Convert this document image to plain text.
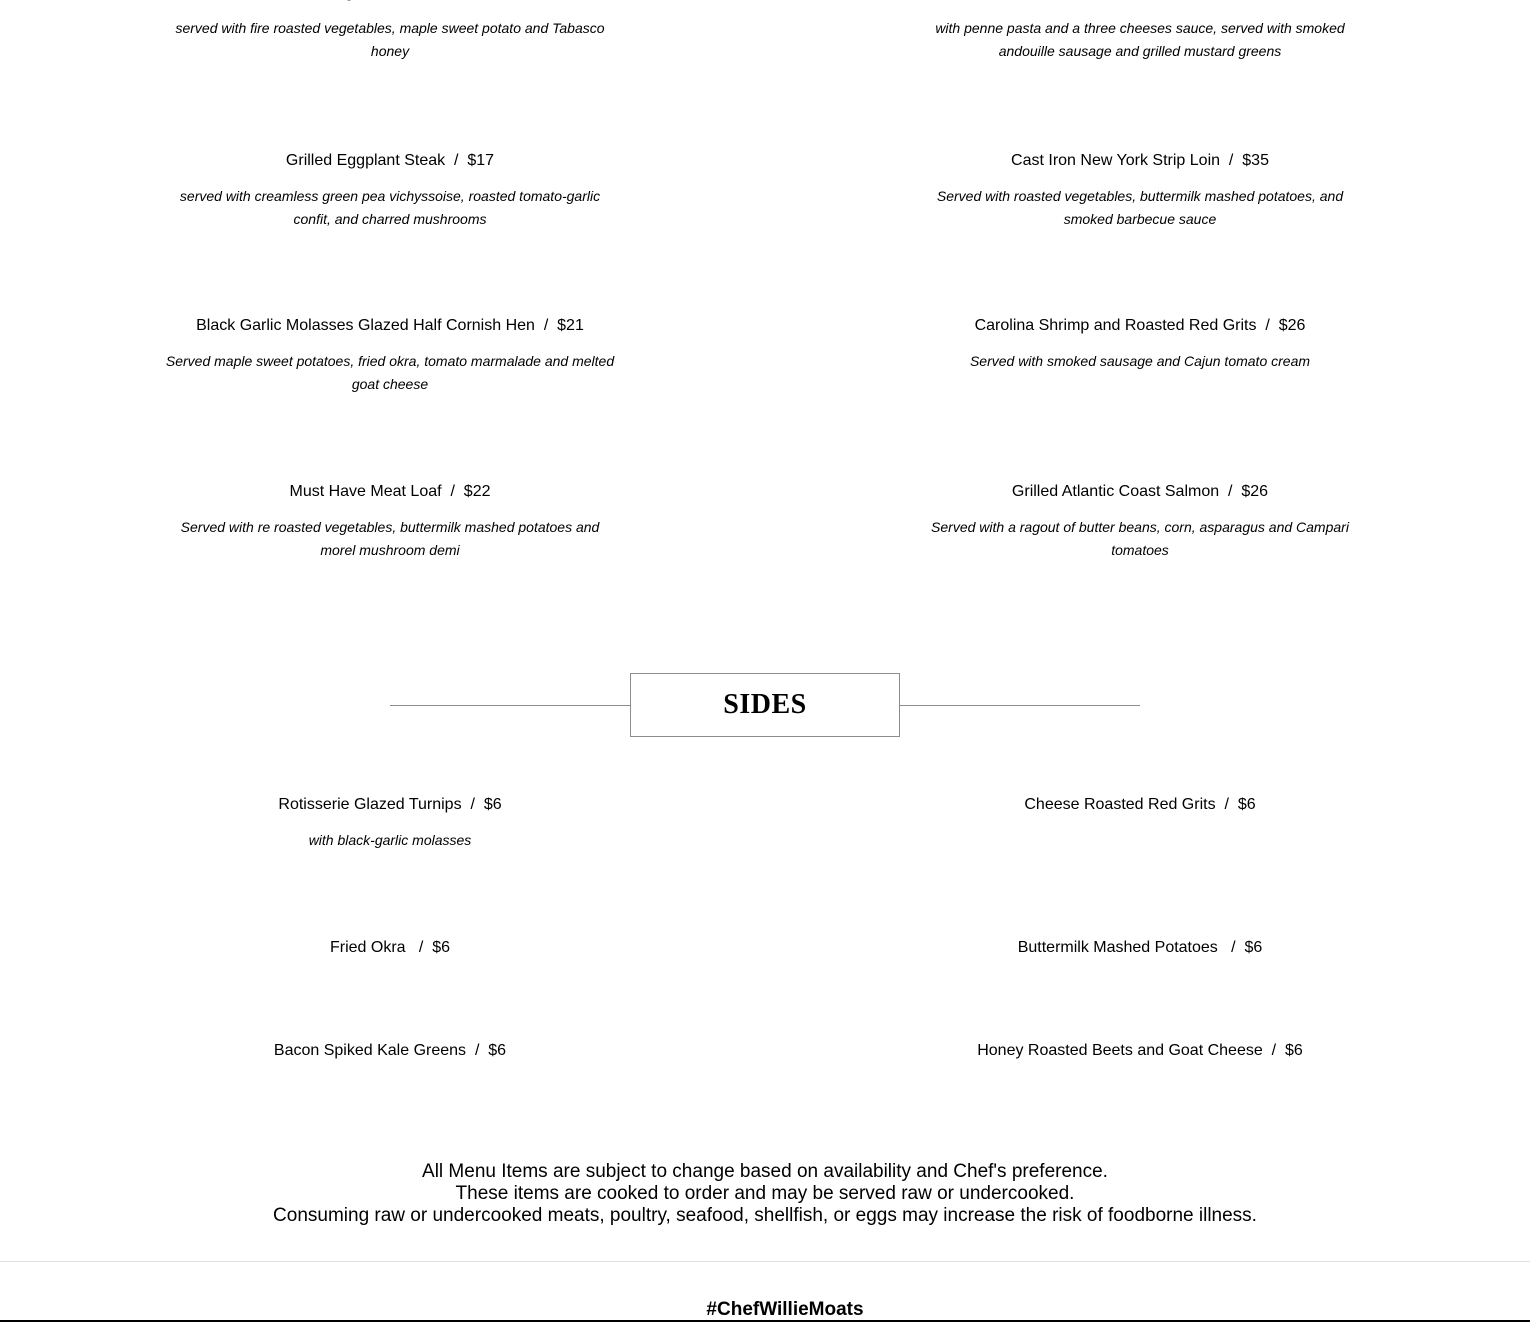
served with fire roasted vegetables, maple sweet potato and Tabasco honey
Grilled Eggplant Steak  /  $17
served with creamless green pea vichyssoise, roasted tomato-garlic confit, and charred mushrooms
Black Garlic Molasses Glazed Half Cornish Hen  /  $21
Served maple sweet potatoes, fried okra, tomato marmalade and melted goat cheese
Must Have Meat Loaf  /  $22
Served with re roasted vegetables, buttermilk mashed potatoes and morel mushroom demi
with penne pasta and a three cheeses sauce, served with smoked andouille sausage and grilled mustard greens
Cast Iron New York Strip Loin  /  $35
Served with roasted vegetables, buttermilk mashed potatoes, and smoked barbecue sauce
Carolina Shrimp and Roasted Red Grits  /  $26
Served with smoked sausage and Cajun tomato cream
Grilled Atlantic Coast Salmon  /  $26
Served with a ragout of butter beans, corn, asparagus and Campari tomatoes
SIDES
Rotisserie Glazed Turnips  /  $6
with black-garlic molasses
Fried Okra   /  $6
Bacon Spiked Kale Greens  /  $6
Cheese Roasted Red Grits  /  $6
Buttermilk Mashed Potatoes   /  $6
Honey Roasted Beets and Goat Cheese  /  $6
All Menu Items are subject to change based on availability and Chef's preference.
These items are cooked to order and may be served raw or undercooked.
Consuming raw or undercooked meats, poultry, seafood, shellfish, or eggs may increase the risk of foodborne illness.
#ChefWillieMoats
